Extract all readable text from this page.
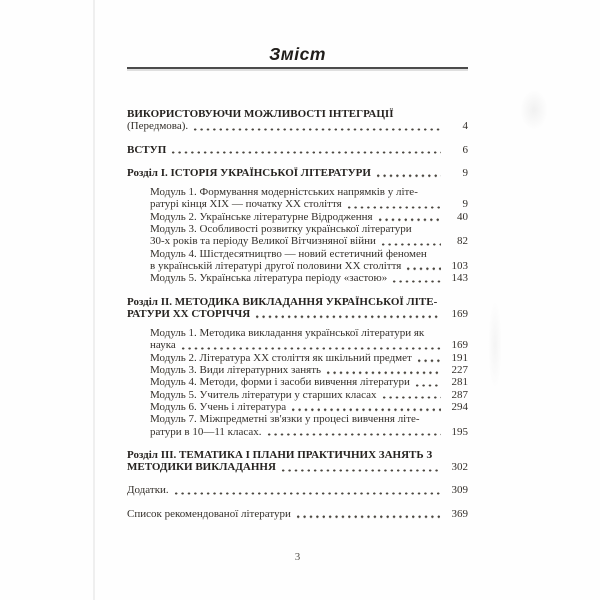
Зміст
ВИКОРИСТОВУЮЧИ МОЖЛИВОСТІ ІНТЕГРАЦІЇ
(Передмова).	4
ВСТУП	6
Розділ I. ІСТОРІЯ УКРАЇНСЬКОЇ ЛІТЕРАТУРИ	9
Модуль 1. Формування модерністських напрямків у літе-
ратурі кінця XIX — початку XX століття	9
Модуль 2. Українське літературне Відродження	40
Модуль 3. Особливості розвитку української літератури
30-х років та періоду Великої Вітчизняної війни	82
Модуль 4. Шістдесятництво — новий естетичний феномен
в українській літературі другої половини XX століття	103
Модуль 5. Українська література періоду «застою»	143
Розділ II. МЕТОДИКА ВИКЛАДАННЯ УКРАЇНСЬКОЇ ЛІТЕ-
РАТУРИ XX СТОРІЧЧЯ	169
Модуль 1. Методика викладання української літератури як
наука	169
Модуль 2. Література XX століття як шкільний предмет	191
Модуль 3. Види літературних занять	227
Модуль 4. Методи, форми і засоби вивчення літератури	281
Модуль 5. Учитель літератури у старших класах	287
Модуль 6. Учень і література	294
Модуль 7. Міжпредметні зв'язки у процесі вивчення літе-
ратури в 10—11 класах.	195
Розділ III. ТЕМАТИКА І ПЛАНИ ПРАКТИЧНИХ ЗАНЯТЬ З
МЕТОДИКИ ВИКЛАДАННЯ	302
Додатки.	309
Список рекомендованої літератури	369
3
